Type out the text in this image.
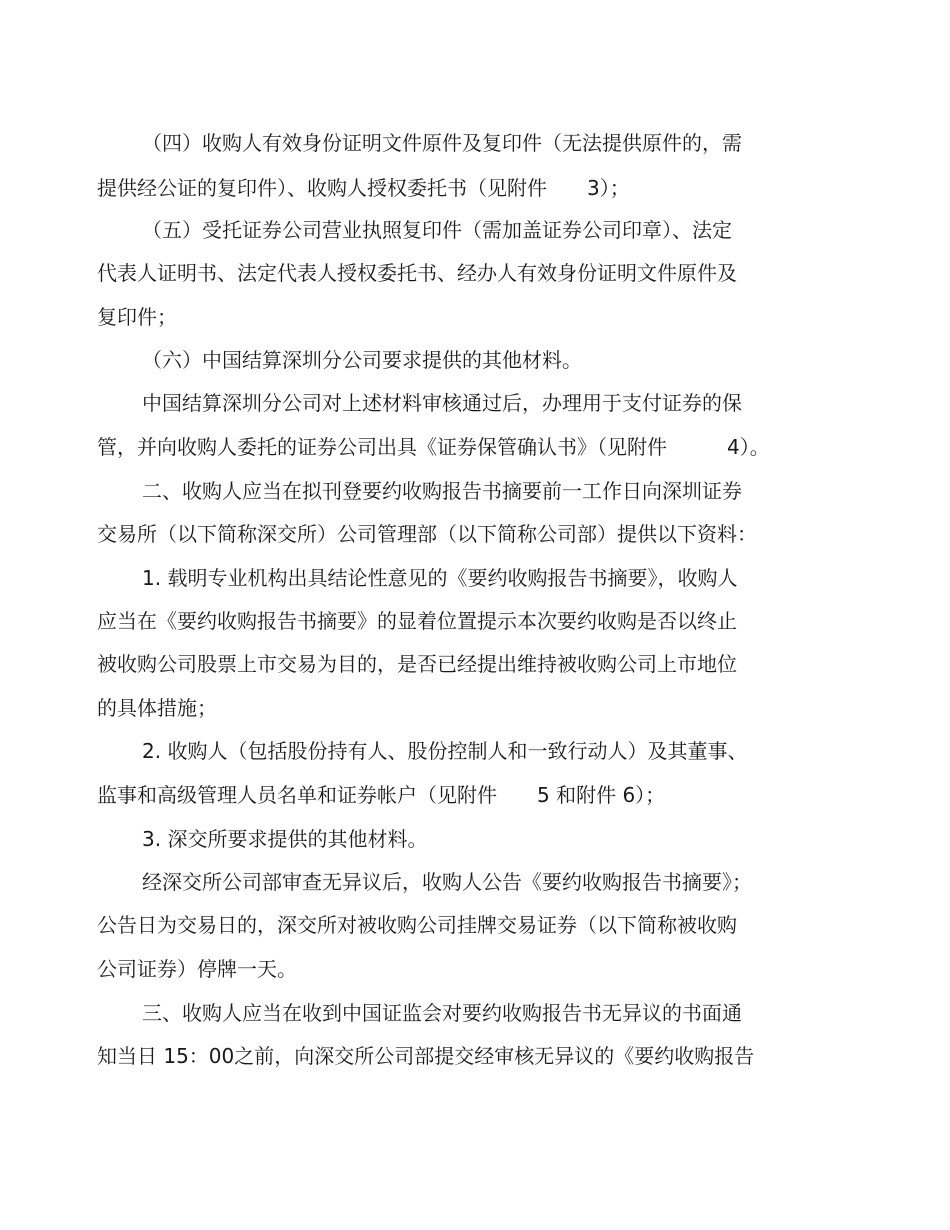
（四）收购人有效身份证明文件原件及复印件（无法提供原件的，需
提供经公证的复印件）、收购人授权委托书（见附件　　3）；
（五）受托证券公司营业执照复印件（需加盖证券公司印章）、法定
代表人证明书、法定代表人授权委托书、经办人有效身份证明文件原件及
复印件；
（六）中国结算深圳分公司要求提供的其他材料。
中国结算深圳分公司对上述材料审核通过后，办理用于支付证券的保
管，并向收购人委托的证券公司出具《证券保管确认书》（见附件　　　4）。
二、收购人应当在拟刊登要约收购报告书摘要前一工作日向深圳证券
交易所（以下简称深交所）公司管理部（以下简称公司部）提供以下资料：
1. 载明专业机构出具结论性意见的《要约收购报告书摘要》，收购人
应当在《要约收购报告书摘要》的显着位置提示本次要约收购是否以终止
被收购公司股票上市交易为目的，是否已经提出维持被收购公司上市地位
的具体措施；
2. 收购人（包括股份持有人、股份控制人和一致行动人）及其董事、
监事和高级管理人员名单和证券帐户（见附件　　5 和附件 6）；
3. 深交所要求提供的其他材料。
经深交所公司部审查无异议后，收购人公告《要约收购报告书摘要》；
公告日为交易日的，深交所对被收购公司挂牌交易证券（以下简称被收购
公司证券）停牌一天。
三、收购人应当在收到中国证监会对要约收购报告书无异议的书面通
知当日 15：00之前，向深交所公司部提交经审核无异议的《要约收购报告
